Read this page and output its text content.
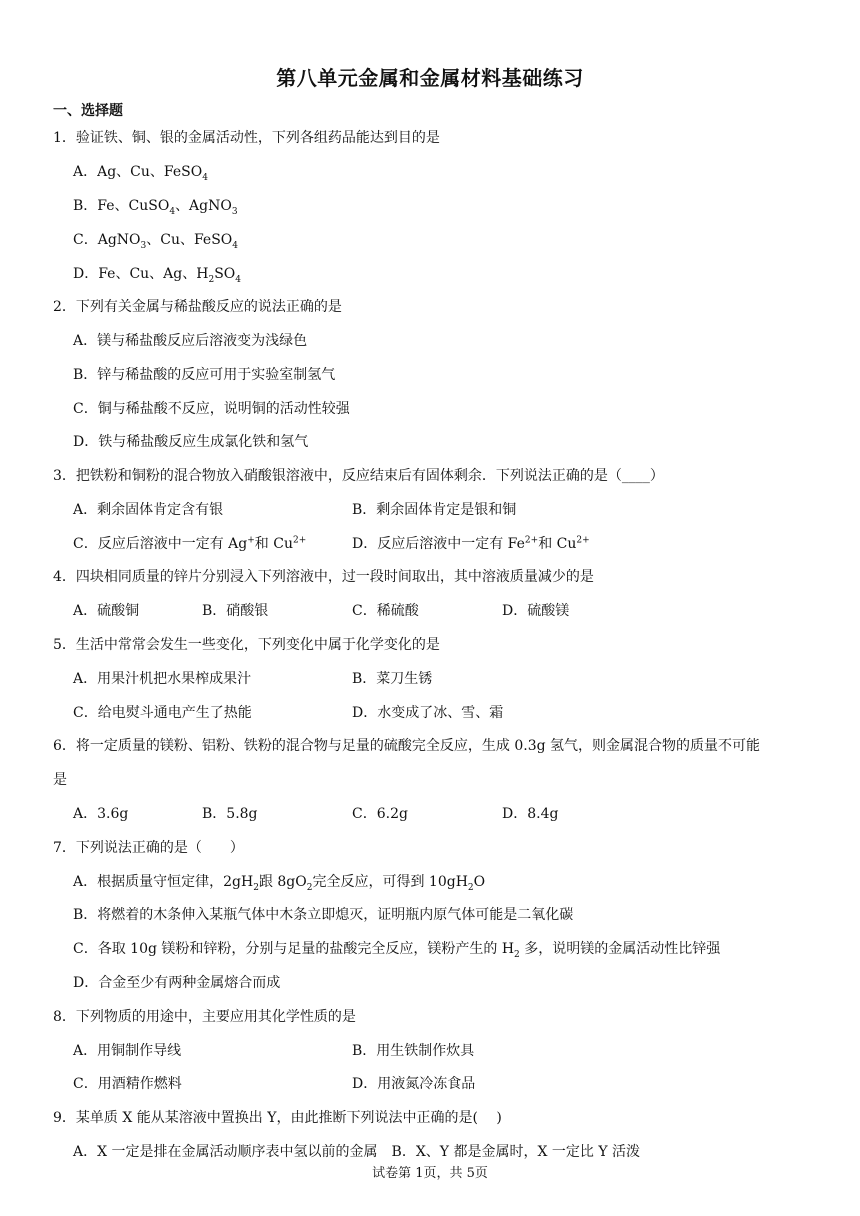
第八单元金属和金属材料基础练习
一、选择题
1．验证铁、铜、银的金属活动性，下列各组药品能达到目的是
A．Ag、Cu、FeSO$_4$
B．Fe、CuSO$_4$、AgNO$_3$
C．AgNO$_3$、Cu、FeSO$_4$
D．Fe、Cu、Ag、$H_2SO_4$
2．下列有关金属与稀盐酸反应的说法正确的是
A．镁与稀盐酸反应后溶液变为浅绿色
B．锌与稀盐酸的反应可用于实验室制氢气
C．铜与稀盐酸不反应，说明铜的活动性较强
D．铁与稀盐酸反应生成氯化铁和氢气
3．把铁粉和铜粉的混合物放入硝酸银溶液中，反应结束后有固体剩余．下列说法正确的是（____）
A．剩余固体肯定含有银	B．剩余固体肯定是银和铜
C．反应后溶液中一定有 Ag+和 $Cu^{2+}$	D．反应后溶液中一定有 $Fe^{2+}$和 $Cu^{2+}$
4．四块相同质量的锌片分别浸入下列溶液中，过一段时间取出，其中溶液质量减少的是
A．硫酸铜	B．硝酸银	C．稀硫酸	D．硫酸镁
5．生活中常常会发生一些变化，下列变化中属于化学变化的是
A．用果汁机把水果榨成果汁	B．菜刀生锈
C．给电熨斗通电产生了热能	D．水变成了冰、雪、霜
6．将一定质量的镁粉、铝粉、铁粉的混合物与足量的硫酸完全反应，生成 0.3g 氢气，则金属混合物的质量不可能
是
A．3.6g	B．5.8g	C．6.2g	D．8.4g
7．下列说法正确的是（　　）
A．根据质量守恒定律，$2gH_2$跟 $8gO_2$完全反应，可得到 $10gH_2O$
B．将燃着的木条伸入某瓶气体中木条立即熄灭，证明瓶内原气体可能是二氧化碳
C．各取 10g 镁粉和锌粉，分别与足量的盐酸完全反应，镁粉产生的 $H_2$ 多，说明镁的金属活动性比锌强
D．合金至少有两种金属熔合而成
8．下列物质的用途中，主要应用其化学性质的是
A．用铜制作导线	B．用生铁制作炊具
C．用酒精作燃料	D．用液氮冷冻食品
9．某单质 X 能从某溶液中置换出 Y，由此推断下列说法中正确的是(　 )
A．X 一定是排在金属活动顺序表中氢以前的金属　B．X、Y 都是金属时，X 一定比 Y 活泼
试卷第 1页，共 5页
